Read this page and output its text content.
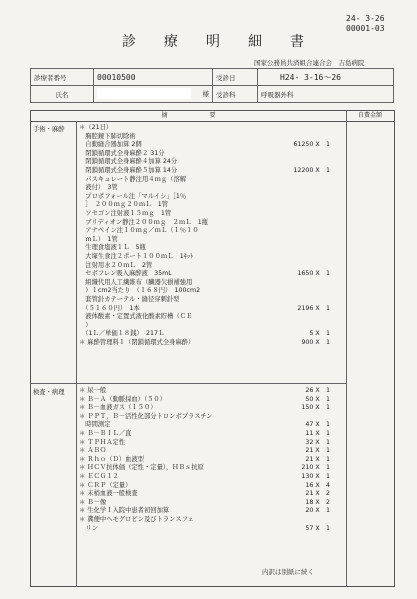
24- 3-26
00001-03
診療明細書
国家公務員共済組合連合会　吉島病院
診療者番号	00010500	受診日	H24- 3-16～26
氏名	様	受診科	呼吸器外科
摘　　　　　　　要	自費金額
手術・麻酔 ＊（21日）
　胸腔鏡下肺切除術
　自動縫合器加算 2個	61250 X　1
　閉鎖循環式全身麻酔２ 31分
　閉鎖循環式全身麻酔４加算 24分
　閉鎖循環式全身麻酔５加算 14分	12200 X　1
　パスキュレート静注用４ｍｇ（溶解
　液付）　3管
　プロポフォール注「マルイシ」［1％
　］　２００ｍｇ２０ｍＬ　1管
　ソセゴン注射液１５ｍｇ　1管
　ブリディオン静注２００ｍｇ　２ｍＬ　1瓶
　アナペイン注１０ｍｇ／ｍＬ（１％１０
　ｍＬ）　1管
　生理食塩液１Ｌ　5瓶
　大塚生食注２ポート１００ｍＬ　1ｷｯﾄ
　注射用水２０ｍＬ　2管
　セボフレン吸入麻酔液　35mL	1650 X　1
　組織代用人工繊維布（臓器欠損補強用
　）１cm2当たり　（１６８円）　100cm2
　套管針カテーテル・縫径穿刺針型
　（５１６０円）　1本	2196 X　1
　液体酸素・定置式液化酸素貯槽（ＣＥ
　）
　（1Ｌ／単価１８銭）　217Ｌ	5 X　1
＊ 麻酔管理料１（閉鎖循環式全身麻酔）	900 X　1
検査・病理 ＊ 尿一般	26 X　1
＊ Ｂ－Ａ（動脈採血）（５０）	50 X　1
＊ Ｂ－血液ガス（１５０）	150 X　1
＊ ＰＰＴ，Ｂ－活性化部分トロンボプラスチン
　時間測定	47 X　1
＊ Ｂ－ＢＩＬ／直	11 X　1
＊ ＴＰＨＡ定性	32 X　1
＊ ＡＢＯ	21 X　1
＊ Ｒｈｏ（Ｄ）血液型	21 X　1
＊ ＨＣＶ抗体価（定性・定量），ＨＢｓ抗原	210 X　1
＊ ＥＣＧ１２	130 X　1
＊ ＣＲＰ（定量）	16 X　4
＊ 末梢血液一般検査	21 X　2
＊ Ｂ－像	18 X　2
＊ 生化学Ｉ入院中患者初回加算	20 X　1
＊ 糞便中ヘモグロビン及びトランスフェ
　リン	57 X　1
内訳は別紙に続く
